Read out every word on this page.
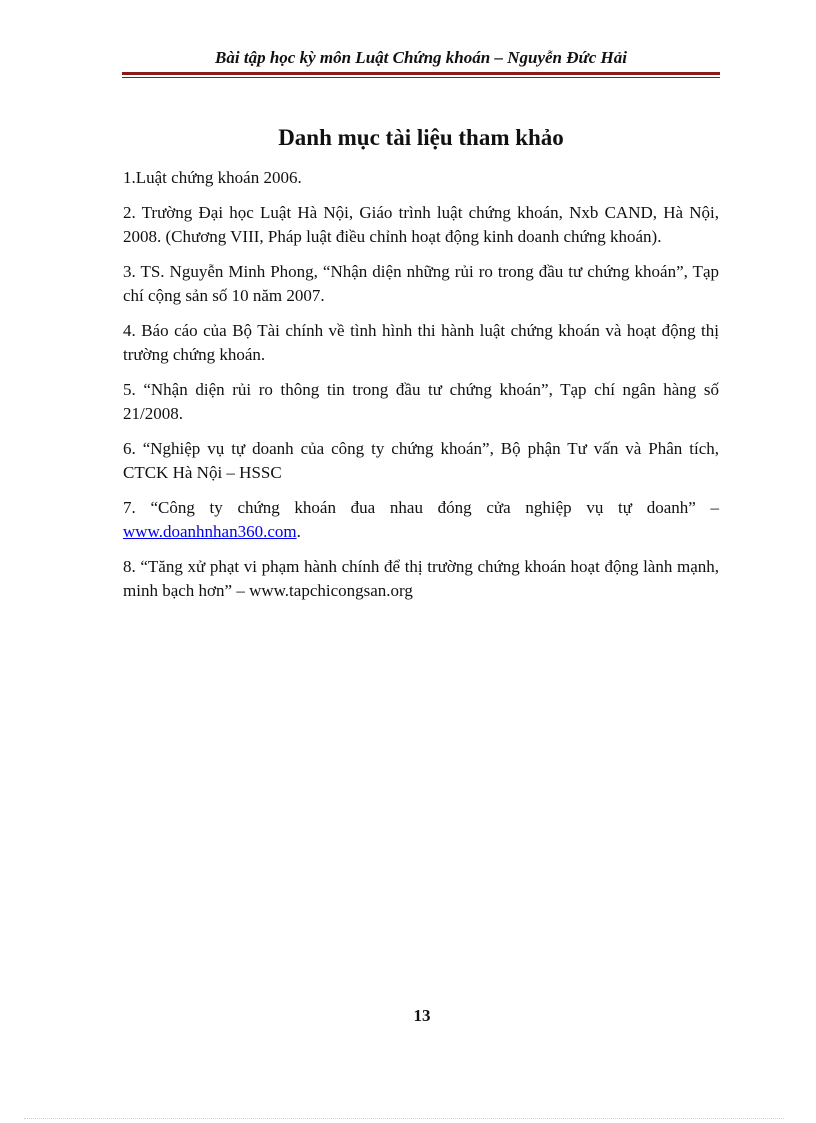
Bài tập học kỳ môn Luật Chứng khoán – Nguyễn Đức Hải
Danh mục tài liệu tham khảo

1.Luật chứng khoán 2006.

2. Trường Đại học Luật Hà Nội, Giáo trình luật chứng khoán, Nxb CAND, Hà Nội, 2008. (Chương VIII, Pháp luật điều chỉnh hoạt động kinh doanh chứng khoán).

3. TS. Nguyễn Minh Phong, “Nhận diện những rủi ro trong đầu tư chứng khoán”, Tạp chí cộng sản số 10 năm 2007.

4. Báo cáo của Bộ Tài chính về tình hình thi hành luật chứng khoán và hoạt động thị trường chứng khoán.

5. “Nhận diện rủi ro thông tin trong đầu tư chứng khoán”, Tạp chí ngân hàng số 21/2008.

6. “Nghiệp vụ tự doanh của công ty chứng khoán”, Bộ phận Tư vấn và Phân tích, CTCK Hà Nội – HSSC

7. “Công ty chứng khoán đua nhau đóng cửa nghiệp vụ tự doanh” – www.doanhnhan360.com.

8. “Tăng xử phạt vi phạm hành chính để thị trường chứng khoán hoạt động lành mạnh, minh bạch hơn” – www.tapchicongsan.org

13
